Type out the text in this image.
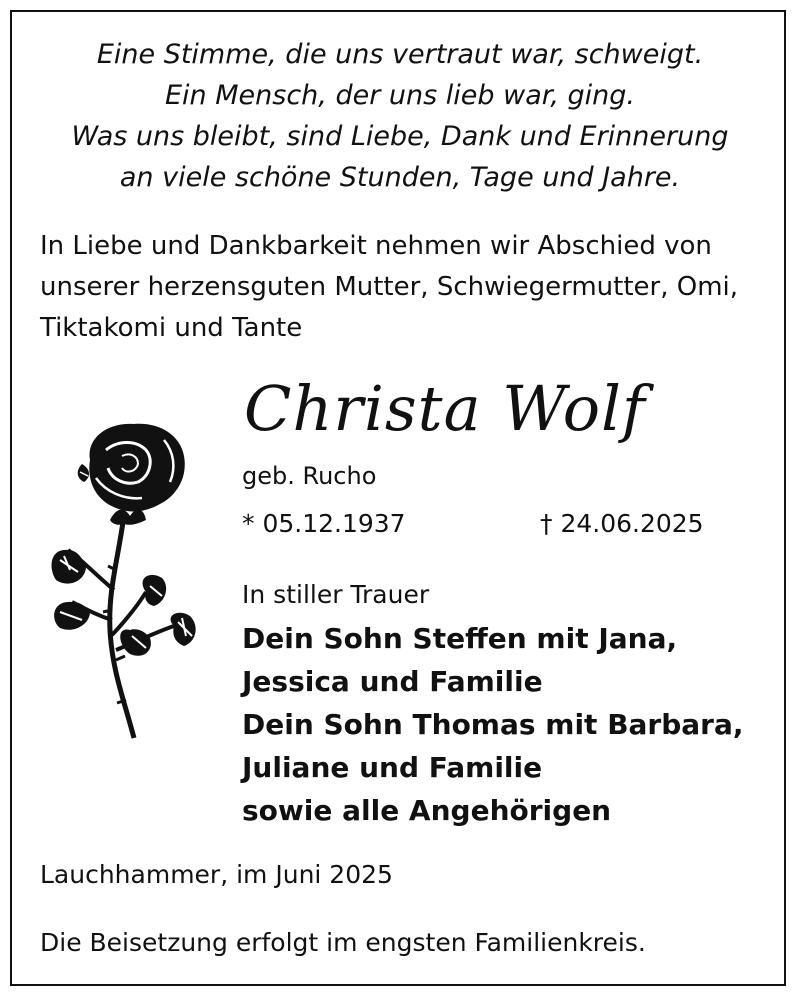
Eine Stimme, die uns vertraut war, schweigt.
Ein Mensch, der uns lieb war, ging.
Was uns bleibt, sind Liebe, Dank und Erinnerung
an viele schöne Stunden, Tage und Jahre.
In Liebe und Dankbarkeit nehmen wir Abschied von
unserer herzensguten Mutter, Schwiegermutter, Omi,
Tiktakomi und Tante
Christa Wolf
geb. Rucho
* 05.12.1937	† 24.06.2025
In stiller Trauer
Dein Sohn Steffen mit Jana,
Jessica und Familie
Dein Sohn Thomas mit Barbara,
Juliane und Familie
sowie alle Angehörigen
Lauchhammer, im Juni 2025
Die Beisetzung erfolgt im engsten Familienkreis.
